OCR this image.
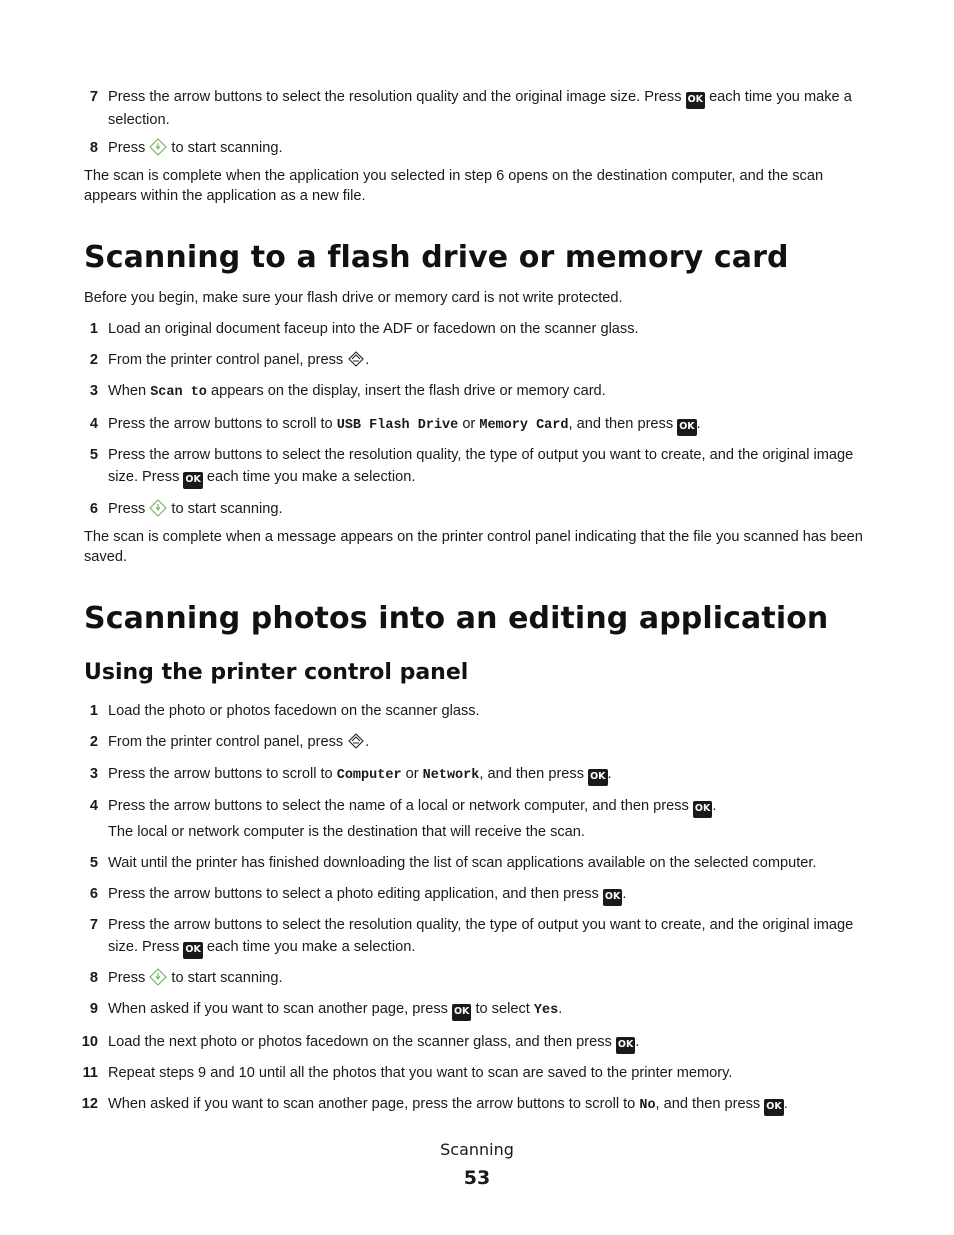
7 Press the arrow buttons to select the resolution quality and the original image size. Press OK each time you make a selection.
8 Press  to start scanning.
The scan is complete when the application you selected in step 6 opens on the destination computer, and the scan appears within the application as a new file.
Scanning to a flash drive or memory card
Before you begin, make sure your flash drive or memory card is not write protected.
1 Load an original document faceup into the ADF or facedown on the scanner glass.
2 From the printer control panel, press .
3 When Scan to appears on the display, insert the flash drive or memory card.
4 Press the arrow buttons to scroll to USB Flash Drive or Memory Card, and then press OK .
5 Press the arrow buttons to select the resolution quality, the type of output you want to create, and the original image size. Press OK each time you make a selection.
6 Press  to start scanning.
The scan is complete when a message appears on the printer control panel indicating that the file you scanned has been saved.
Scanning photos into an editing application
Using the printer control panel
1 Load the photo or photos facedown on the scanner glass.
2 From the printer control panel, press .
3 Press the arrow buttons to scroll to Computer or Network, and then press OK .
4 Press the arrow buttons to select the name of a local or network computer, and then press OK .
The local or network computer is the destination that will receive the scan.
5 Wait until the printer has finished downloading the list of scan applications available on the selected computer.
6 Press the arrow buttons to select a photo editing application, and then press OK .
7 Press the arrow buttons to select the resolution quality, the type of output you want to create, and the original image size. Press OK each time you make a selection.
8 Press  to start scanning.
9 When asked if you want to scan another page, press OK to select Yes.
10 Load the next photo or photos facedown on the scanner glass, and then press OK .
11 Repeat steps 9 and 10 until all the photos that you want to scan are saved to the printer memory.
12 When asked if you want to scan another page, press the arrow buttons to scroll to No, and then press OK .
Scanning
53
